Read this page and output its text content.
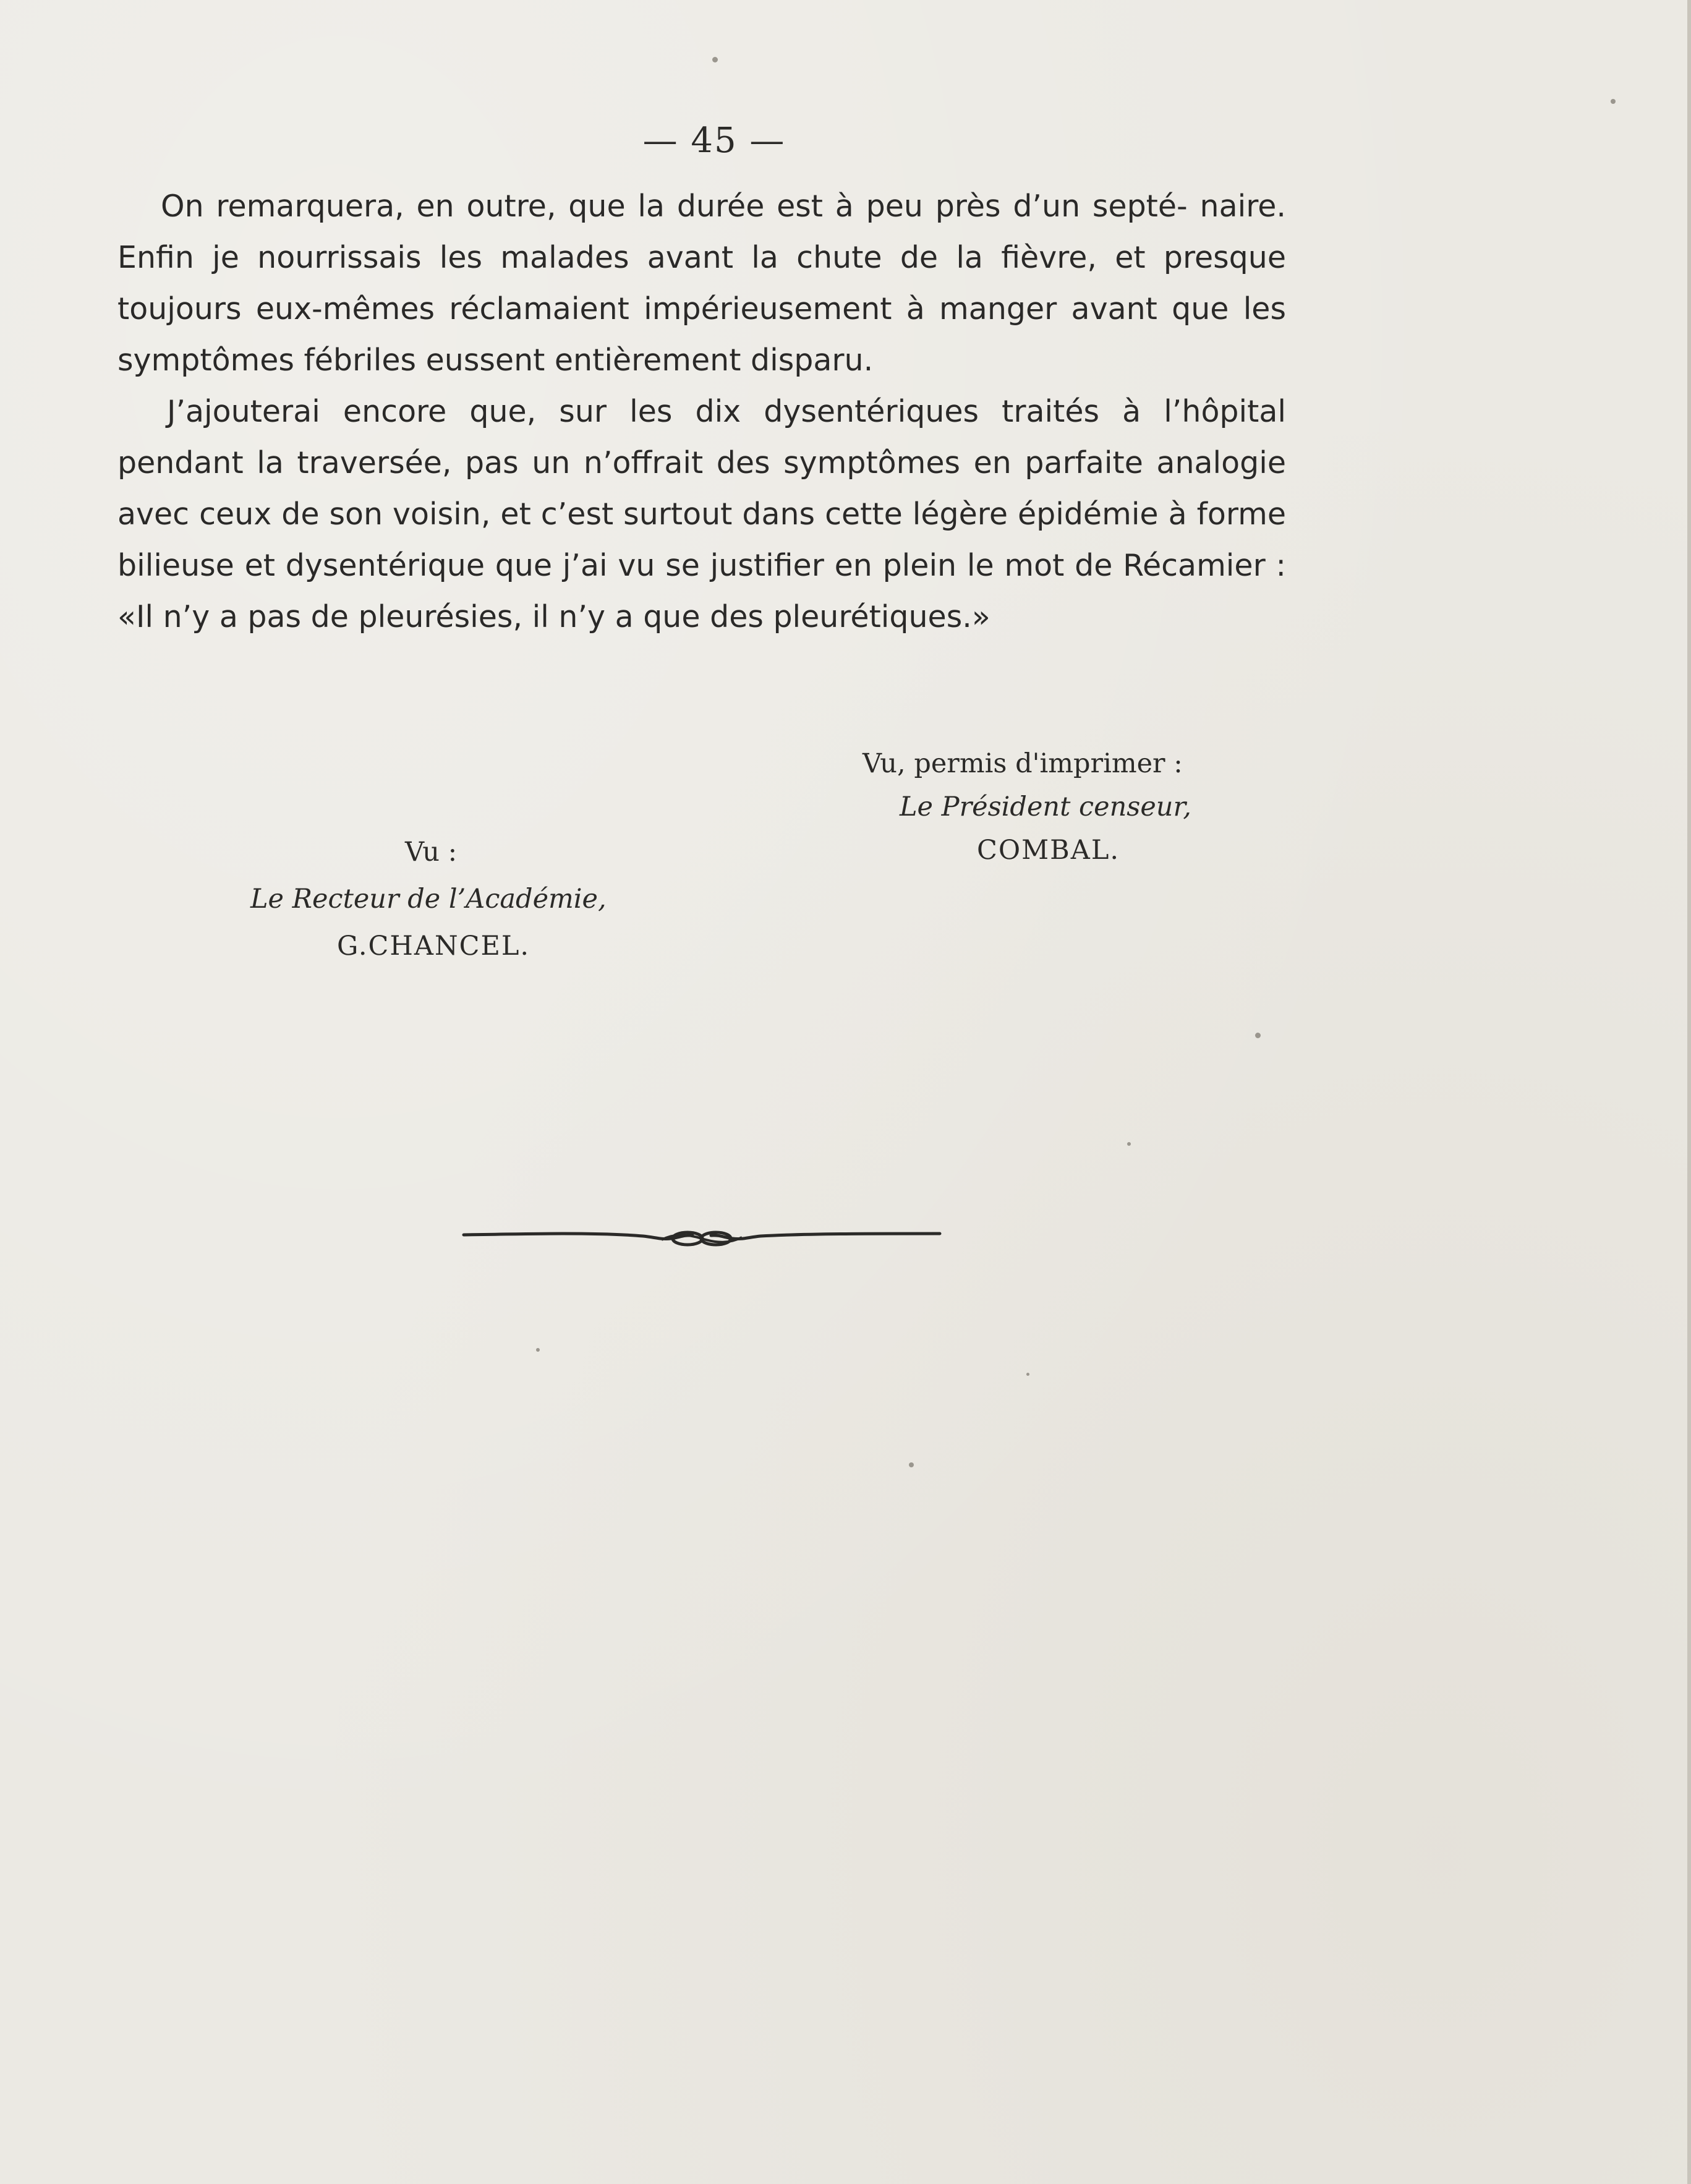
— 45 —

On remarquera, en outre, que la durée est à peu près d’un septé- naire. Enfin je nourrissais les malades avant la chute de la fièvre, et presque toujours eux-mêmes réclamaient impérieusement à manger avant que les symptômes fébriles eussent entièrement disparu.

J’ajouterai encore que, sur les dix dysentériques traités à l’hôpital pendant la traversée, pas un n’offrait des symptômes en parfaite analogie avec ceux de son voisin, et c’est surtout dans cette légère épidémie à forme bilieuse et dysentérique que j’ai vu se justifier en plein le mot de Récamier : «Il n’y a pas de pleurésies, il n’y a que des pleurétiques.»

Vu, permis d'imprimer :
Le Président censeur,
COMBAL.
Vu :
Le Recteur de l’Académie,
G.CHANCEL.
